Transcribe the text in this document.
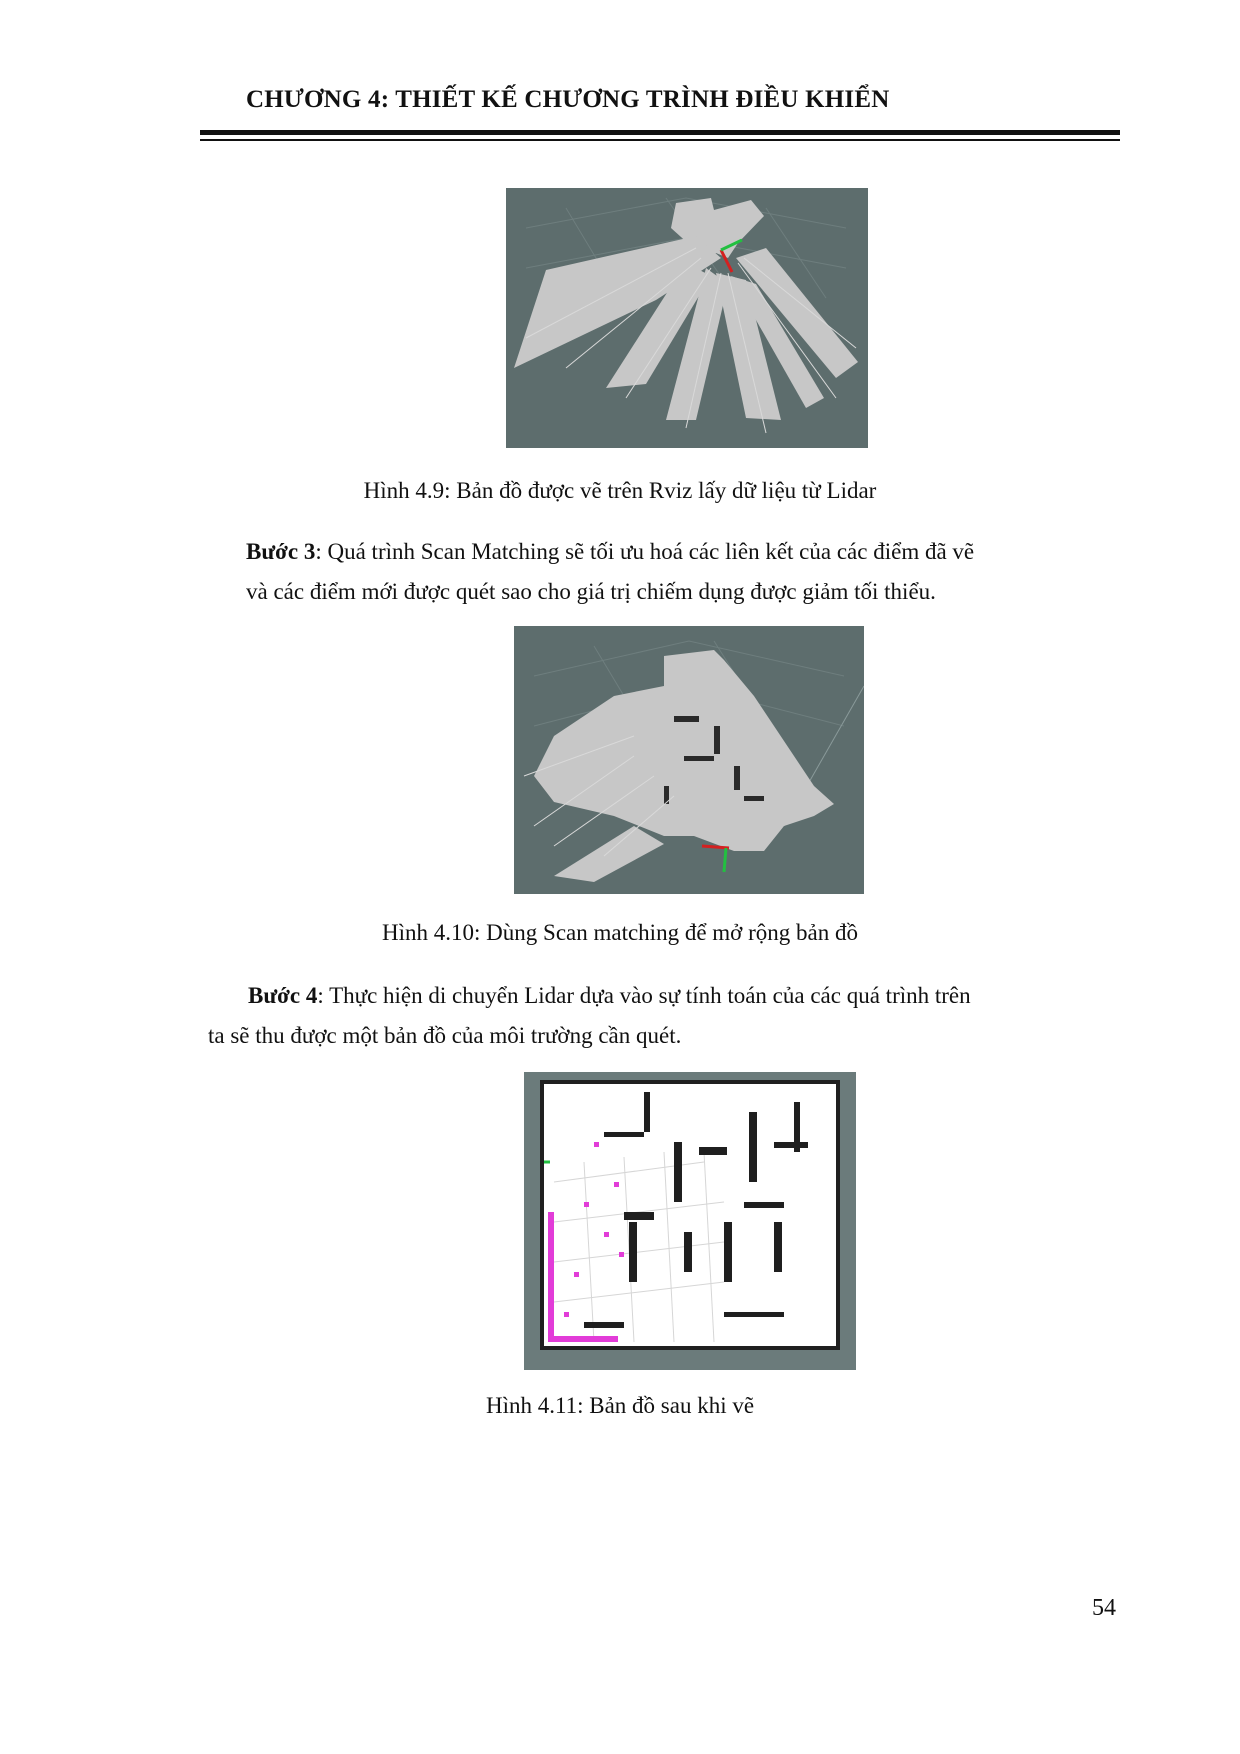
CHƯƠNG 4: THIẾT KẾ CHƯƠNG TRÌNH ĐIỀU KHIỂN
Hình 4.9: Bản đồ được vẽ trên Rviz lấy dữ liệu từ Lidar
Bước 3: Quá trình Scan Matching sẽ tối ưu hoá các liên kết của các điểm đã vẽ
và các điểm mới được quét sao cho giá trị chiếm dụng được giảm tối thiểu.
Hình 4.10: Dùng Scan matching để mở rộng bản đồ
Bước 4: Thực hiện di chuyển Lidar dựa vào sự tính toán của các quá trình trên
ta sẽ thu được một bản đồ của môi trường cần quét.
Hình 4.11: Bản đồ sau khi vẽ
54
